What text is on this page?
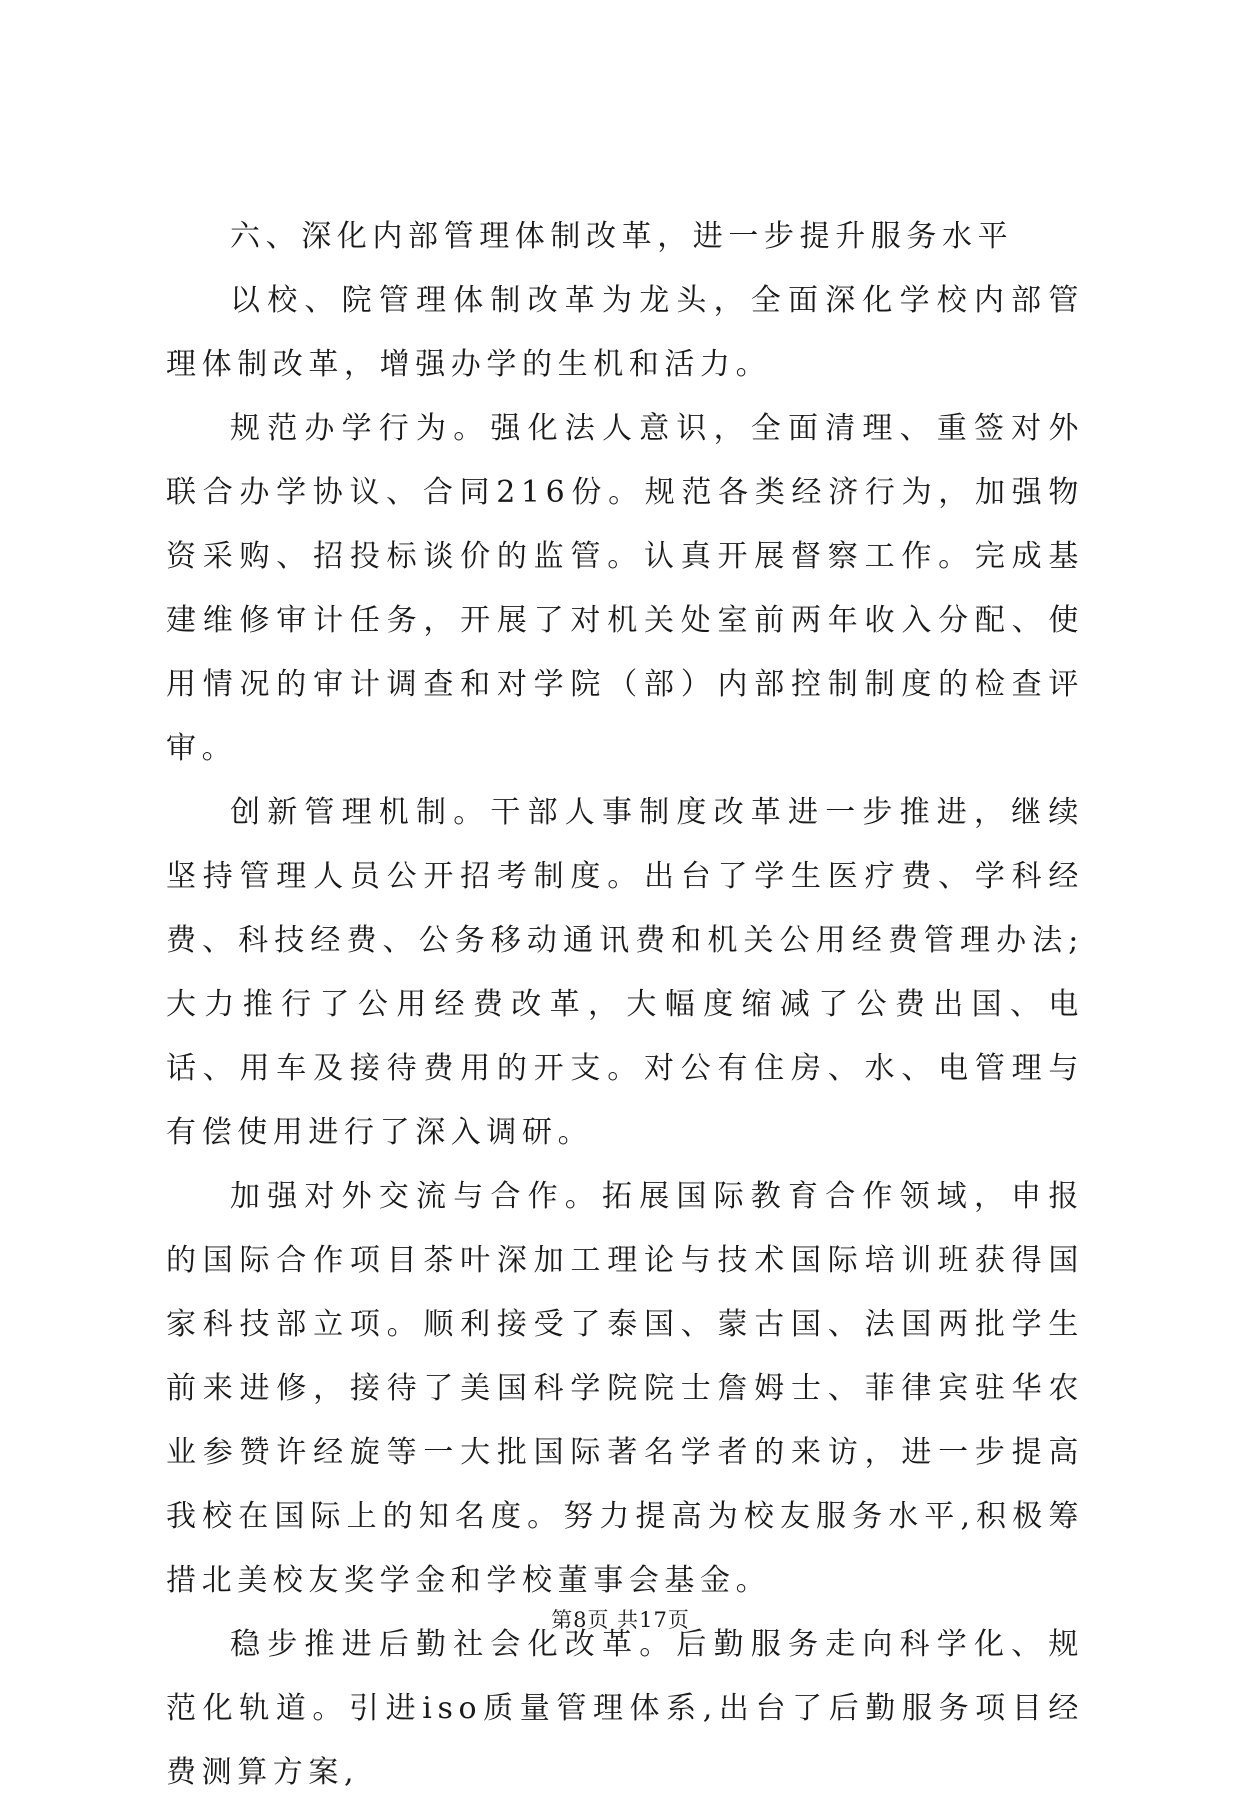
六、深化内部管理体制改革，进一步提升服务水平

以校、院管理体制改革为龙头，全面深化学校内部管理体制改革，增强办学的生机和活力。

规范办学行为。强化法人意识，全面清理、重签对外联合办学协议、合同216份。规范各类经济行为，加强物资采购、招投标谈价的监管。认真开展督察工作。完成基建维修审计任务，开展了对机关处室前两年收入分配、使用情况的审计调查和对学院（部）内部控制制度的检查评审。

创新管理机制。干部人事制度改革进一步推进，继续坚持管理人员公开招考制度。出台了学生医疗费、学科经费、科技经费、公务移动通讯费和机关公用经费管理办法;大力推行了公用经费改革，大幅度缩减了公费出国、电话、用车及接待费用的开支。对公有住房、水、电管理与有偿使用进行了深入调研。

加强对外交流与合作。拓展国际教育合作领域，申报的国际合作项目茶叶深加工理论与技术国际培训班获得国家科技部立项。顺利接受了泰国、蒙古国、法国两批学生前来进修，接待了美国科学院院士詹姆士、菲律宾驻华农业参赞许经旋等一大批国际著名学者的来访，进一步提高我校在国际上的知名度。努力提高为校友服务水平,积极筹措北美校友奖学金和学校董事会基金。

稳步推进后勤社会化改革。后勤服务走向科学化、规范化轨道。引进iso质量管理体系,出台了后勤服务项目经费测算方案,

第8页 共17页
